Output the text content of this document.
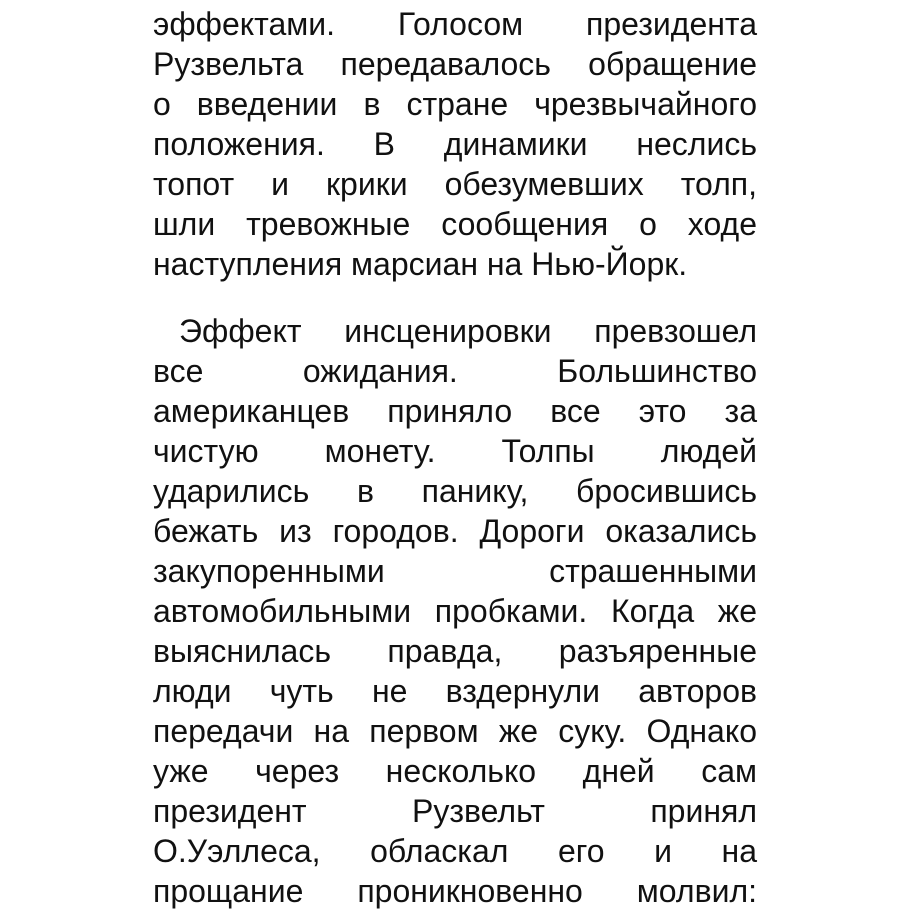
эффектами. Голосом президента
Рузвельта передавалось обращение
о введении в стране чрезвычайного
положения. В динамики неслись
топот и крики обезумевших толп,
шли тревожные сообщения о ходе
наступления марсиан на Нью-Йорк.
Эффект инсценировки превзошел
все ожидания. Большинство
американцев приняло все это за
чистую монету. Толпы людей
ударились в панику, бросившись
бежать из городов. Дороги оказались
закупоренными страшенными
автомобильными пробками. Когда же
выяснилась правда, разъяренные
люди чуть не вздернули авторов
передачи на первом же суку. Однако
уже через несколько дней сам
президент Рузвельт принял
О.Уэллеса, обласкал его и на
прощание проникновенно молвил:
